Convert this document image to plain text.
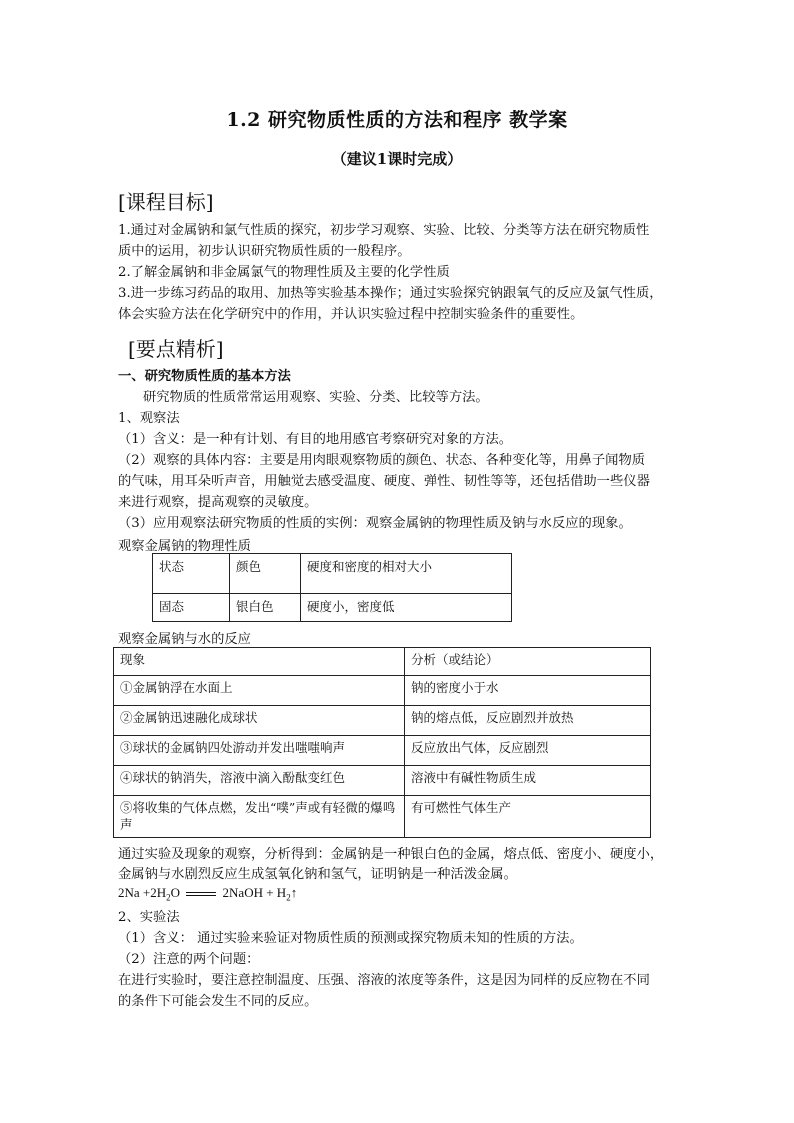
1.2 研究物质性质的方法和程序 教学案
（建议1课时完成）
[课程目标]
1.通过对金属钠和氯气性质的探究，初步学习观察、实验、比较、分类等方法在研究物质性
质中的运用，初步认识研究物质性质的一般程序。
2.了解金属钠和非金属氯气的物理性质及主要的化学性质
3.进一步练习药品的取用、加热等实验基本操作；通过实验探究钠跟氧气的反应及氯气性质，
体会实验方法在化学研究中的作用，并认识实验过程中控制实验条件的重要性。
[要点精析]
一、研究物质性质的基本方法
研究物质的性质常常运用观察、实验、分类、比较等方法。
1、观察法
（1）含义：是一种有计划、有目的地用感官考察研究对象的方法。
（2）观察的具体内容：主要是用肉眼观察物质的颜色、状态、各种变化等，用鼻子闻物质
的气味，用耳朵听声音，用触觉去感受温度、硬度、弹性、韧性等等，还包括借助一些仪器
来进行观察，提高观察的灵敏度。
（3）应用观察法研究物质的性质的实例：观察金属钠的物理性质及钠与水反应的现象。
观察金属钠的物理性质
状态	颜色	硬度和密度的相对大小
固态	银白色	硬度小，密度低
观察金属钠与水的反应
现象	分析（或结论）
①金属钠浮在水面上	钠的密度小于水
②金属钠迅速融化成球状	钠的熔点低，反应剧烈并放热
③球状的金属钠四处游动并发出嗤嗤响声	反应放出气体，反应剧烈
④球状的钠消失，溶液中滴入酚酞变红色	溶液中有碱性物质生成
⑤将收集的气体点燃，发出“噗”声或有轻微的爆鸣声	有可燃性气体生产
通过实验及现象的观察，分析得到：金属钠是一种银白色的金属，熔点低、密度小、硬度小，
金属钠与水剧烈反应生成氢氧化钠和氢气，证明钠是一种活泼金属。
$2Na +2H_2O$	2NaOH + $H_2↑$
2、实验法
（1）含义： 通过实验来验证对物质性质的预测或探究物质未知的性质的方法。
（2）注意的两个问题：
在进行实验时，要注意控制温度、压强、溶液的浓度等条件，这是因为同样的反应物在不同
的条件下可能会发生不同的反应。
